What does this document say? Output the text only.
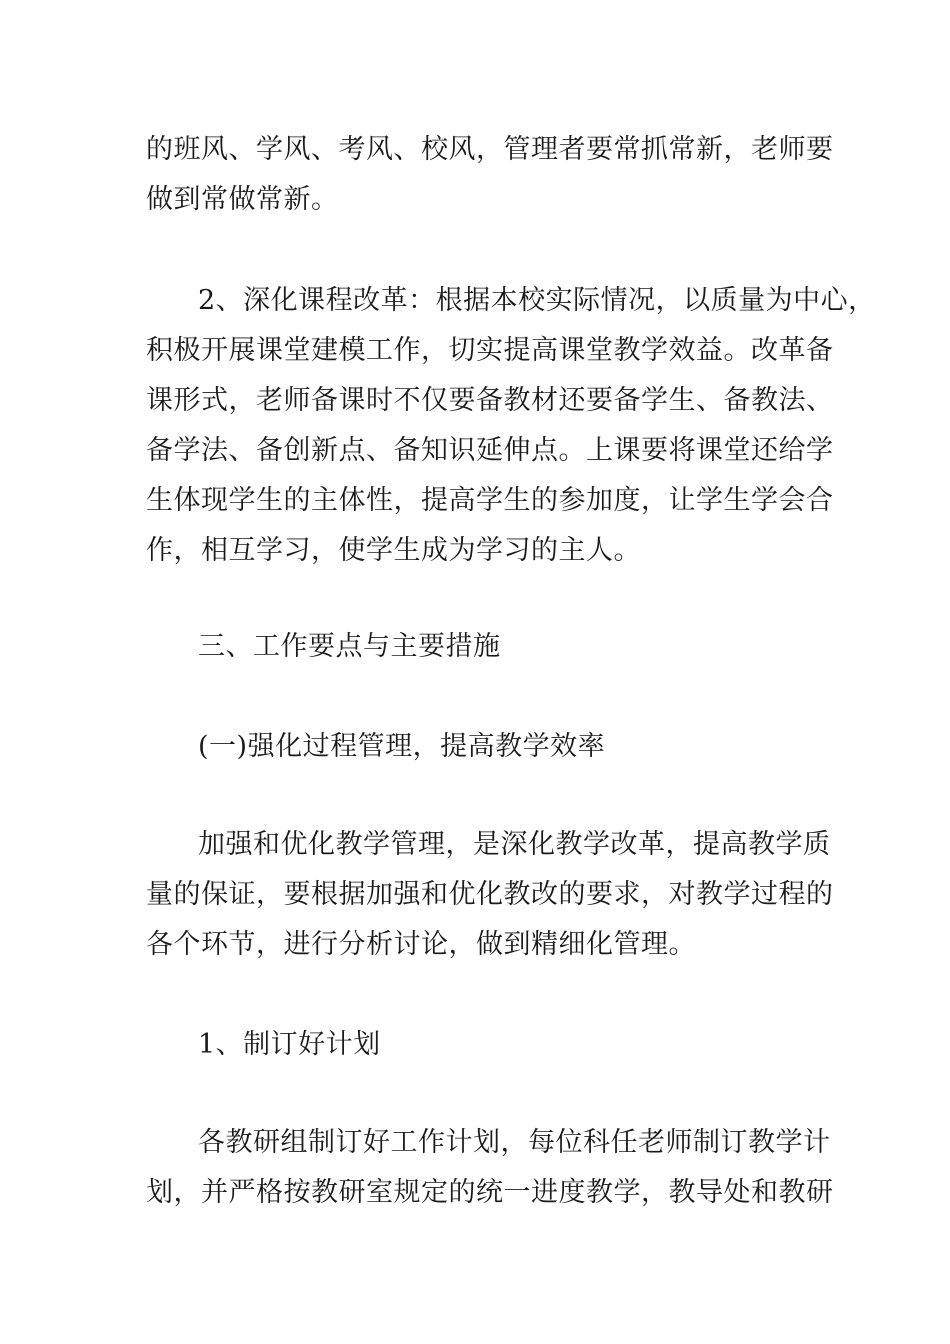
的班风、学风、考风、校风，管理者要常抓常新，老师要
做到常做常新。

2、深化课程改革：根据本校实际情况，以质量为中心，
积极开展课堂建模工作，切实提高课堂教学效益。改革备
课形式，老师备课时不仅要备教材还要备学生、备教法、
备学法、备创新点、备知识延伸点。上课要将课堂还给学
生体现学生的主体性，提高学生的参加度，让学生学会合
作，相互学习，使学生成为学习的主人。

三、工作要点与主要措施

(一)强化过程管理，提高教学效率

加强和优化教学管理，是深化教学改革，提高教学质
量的保证，要根据加强和优化教改的要求，对教学过程的
各个环节，进行分析讨论，做到精细化管理。

1、制订好计划

各教研组制订好工作计划，每位科任老师制订教学计
划，并严格按教研室规定的统一进度教学，教导处和教研
